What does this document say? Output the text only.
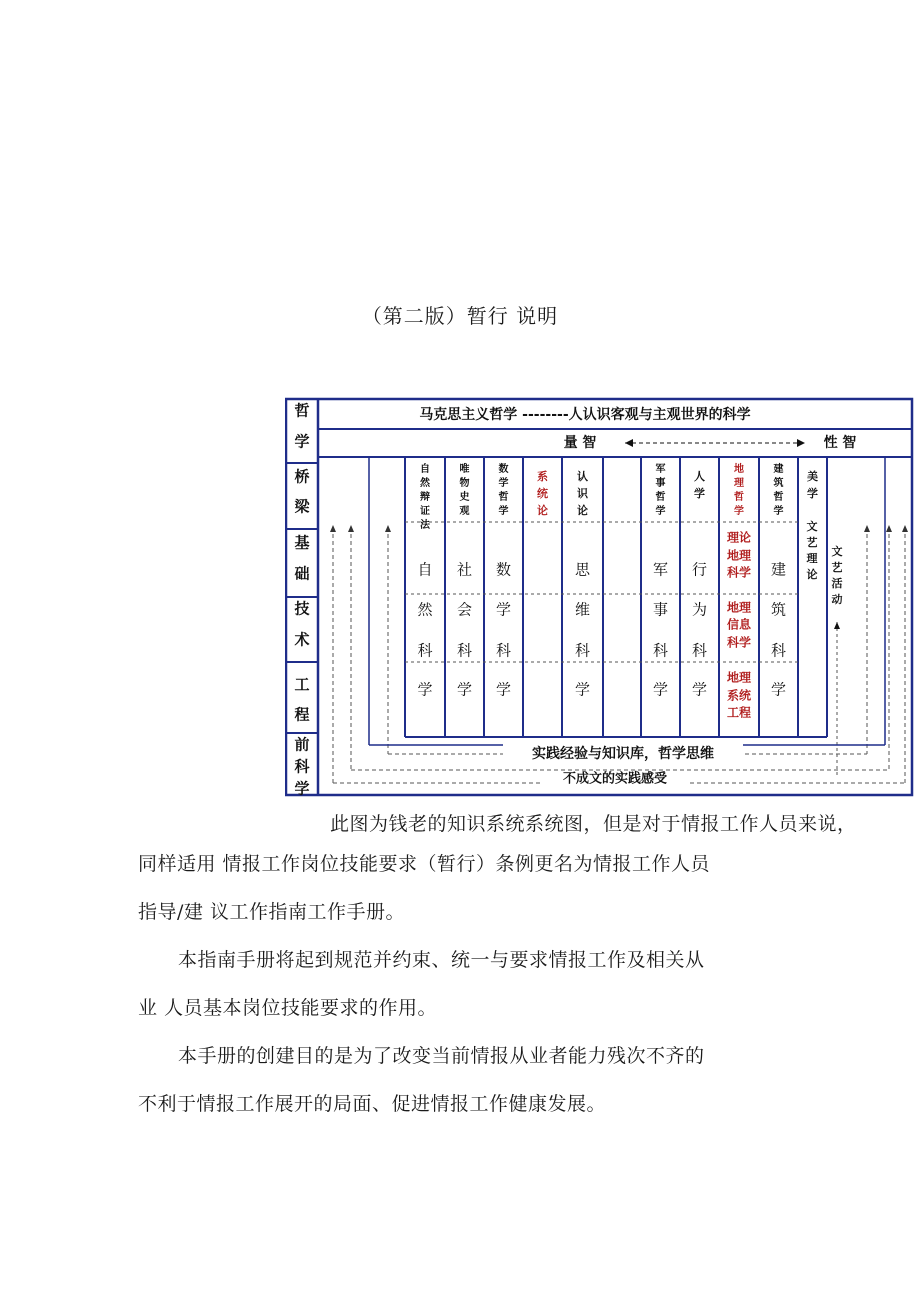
（第二版）暂行 说明
哲
学
桥
梁
基
础
技
术
工
程
前
科
学
马克思主义哲学 --------人认识客观与主观世界的科学
量 智	性 智
自
然
辩
证
法
自
然
科
学
唯
物
史
观
社
会
科
学
数
学
哲
学
数
学
科
学
系
统
论
认
识
论
思
维
科
学
军
事
哲
学
军
事
科
学
人
学
行
为
科
学
地
理
哲
学
建
筑
哲
学
建
筑
科
学
美
学
理论
地理
科学
地理
信息
科学
地理
系统
工程
文
艺
理
论
文
艺
活
动
实践经验与知识库，哲学思维
不成文的实践感受
此图为钱老的知识系统系统图，但是对于情报工作人员来说，
同样适用 情报工作岗位技能要求（暂行）条例更名为情报工作人员
指导/建 议工作指南工作手册。
本指南手册将起到规范并约束、统一与要求情报工作及相关从
业 人员基本岗位技能要求的作用。
本手册的创建目的是为了改变当前情报从业者能力残次不齐的
不利于情报工作展开的局面、促进情报工作健康发展。
